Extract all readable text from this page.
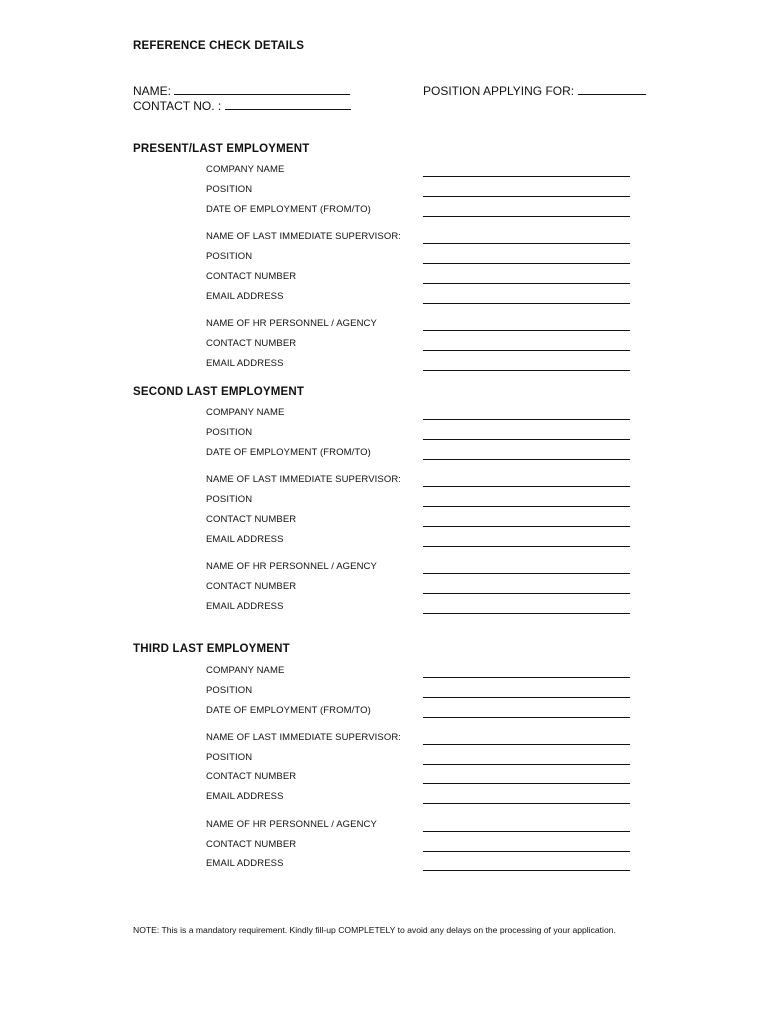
REFERENCE CHECK DETAILS
NAME:	POSITION APPLYING FOR:
CONTACT NO. :
PRESENT/LAST EMPLOYMENT
COMPANY NAME
POSITION
DATE OF EMPLOYMENT (FROM/TO)
NAME OF LAST IMMEDIATE SUPERVISOR:
POSITION
CONTACT NUMBER
EMAIL ADDRESS
NAME OF HR PERSONNEL / AGENCY
CONTACT NUMBER
EMAIL ADDRESS
SECOND LAST EMPLOYMENT
COMPANY NAME
POSITION
DATE OF EMPLOYMENT (FROM/TO)
NAME OF LAST IMMEDIATE SUPERVISOR:
POSITION
CONTACT NUMBER
EMAIL ADDRESS
NAME OF HR PERSONNEL / AGENCY
CONTACT NUMBER
EMAIL ADDRESS
THIRD LAST EMPLOYMENT
COMPANY NAME
POSITION
DATE OF EMPLOYMENT (FROM/TO)
NAME OF LAST IMMEDIATE SUPERVISOR:
POSITION
CONTACT NUMBER
EMAIL ADDRESS
NAME OF HR PERSONNEL / AGENCY
CONTACT NUMBER
EMAIL ADDRESS
NOTE: This is a mandatory requirement. Kindly fill-up COMPLETELY to avoid any delays on the processing of your application.
